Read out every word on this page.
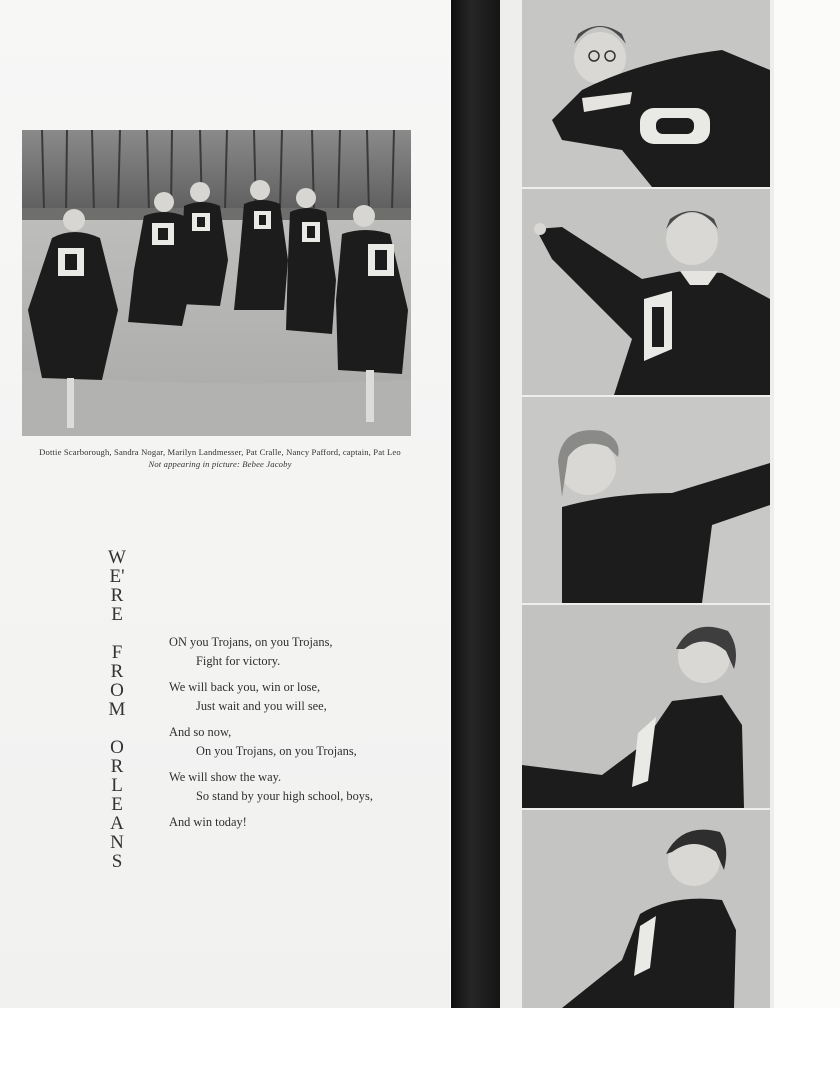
Dottie Scarborough, Sandra Nogar, Marilyn Landmesser, Pat Cralle, Nancy Pafford, captain, Pat Leo
Not appearing in picture: Bebee Jacoby
W
E'
R
E
F
R
O
M
O
R
L
E
A
N
S
ON you Trojans, on you Trojans,
Fight for victory.
We will back you, win or lose,
Just wait and you will see,
And so now,
On you Trojans, on you Trojans,
We will show the way.
So stand by your high school, boys,
And win today!
